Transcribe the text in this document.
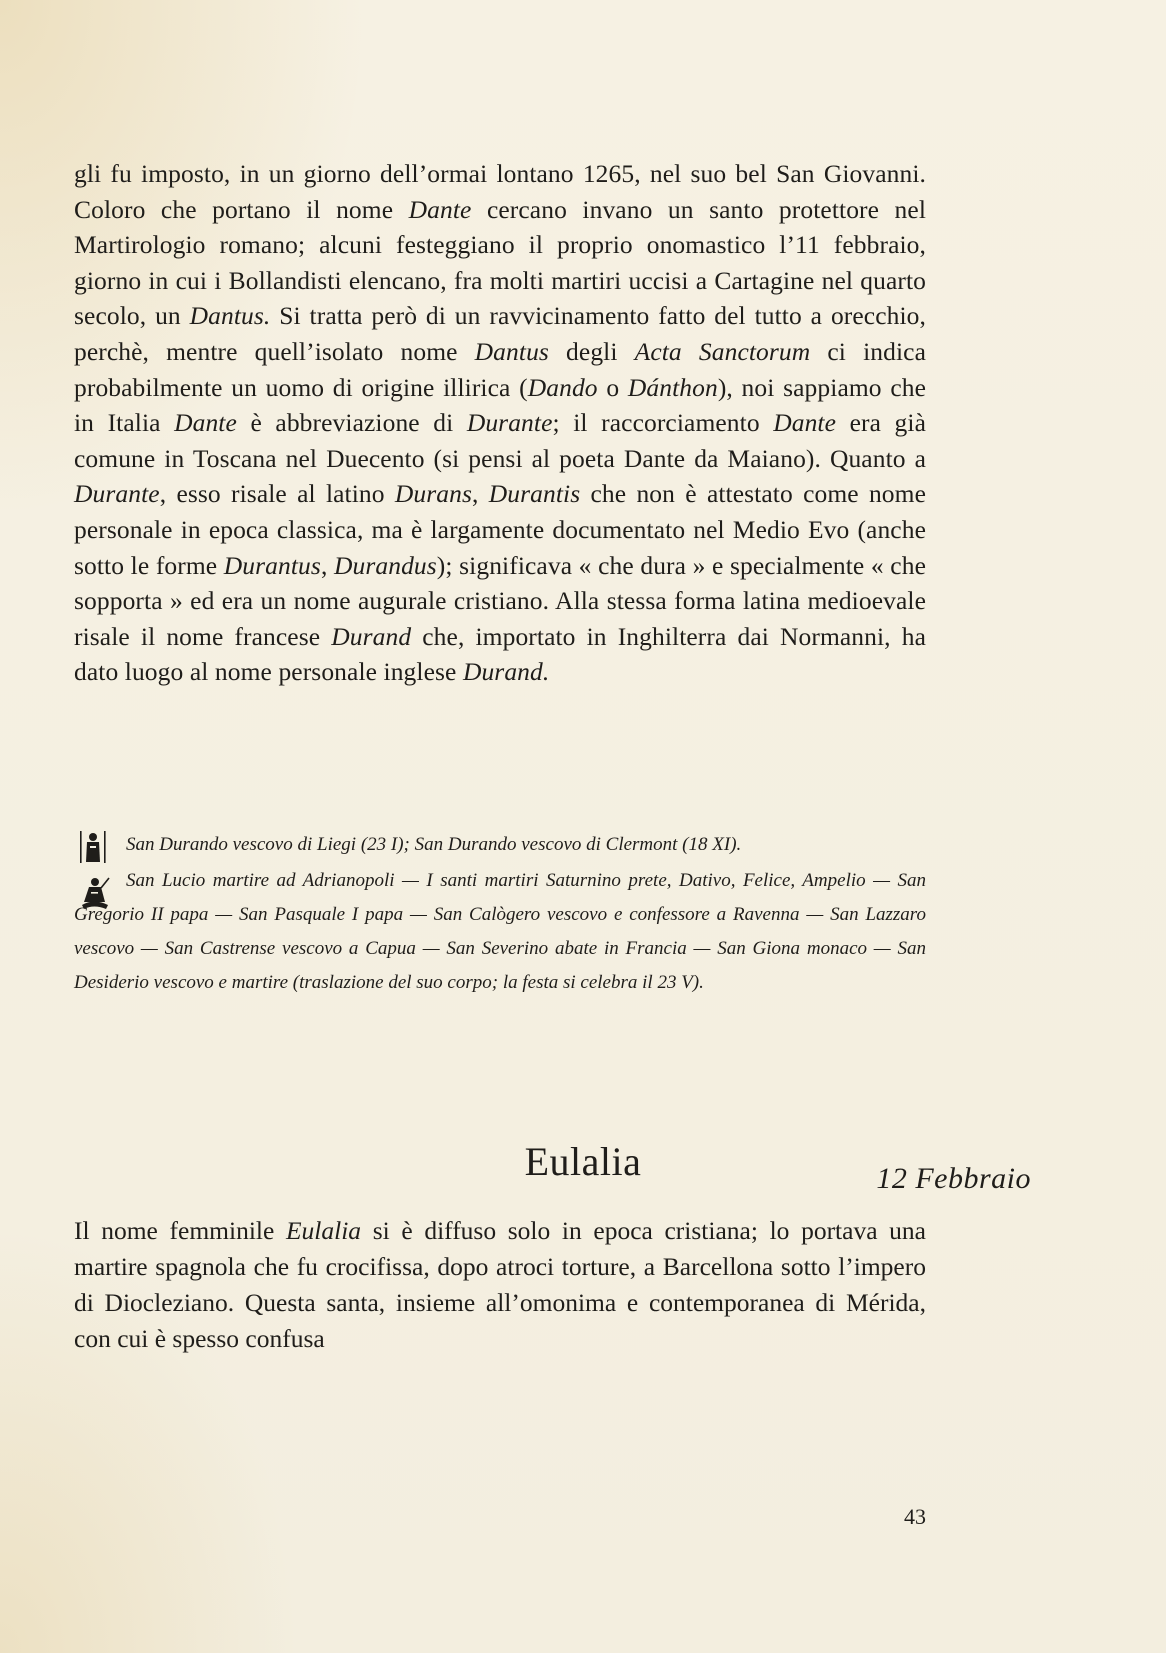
gli fu imposto, in un giorno dell’ormai lontano 1265, nel suo bel San Giovanni. Coloro che portano il nome Dante cercano invano un santo protettore nel Martirologio romano; alcuni festeggiano il proprio onomastico l’11 febbraio, giorno in cui i Bollandisti elencano, fra molti martiri uccisi a Cartagine nel quarto secolo, un Dantus. Si tratta però di un ravvicinamento fatto del tutto a orecchio, perchè, mentre quell’isolato nome Dantus degli Acta Sanctorum ci indica probabilmente un uomo di origine illirica (Dando o Dánthon), noi sappiamo che in Italia Dante è abbreviazione di Durante; il raccorciamento Dante era già comune in Toscana nel Duecento (si pensi al poeta Dante da Maiano). Quanto a Durante, esso risale al latino Durans, Durantis che non è attestato come nome personale in epoca classica, ma è largamente documentato nel Medio Evo (anche sotto le forme Durantus, Durandus); significava « che dura » e specialmente « che sopporta » ed era un nome augurale cristiano. Alla stessa forma latina medioevale risale il nome francese Durand che, importato in Inghilterra dai Normanni, ha dato luogo al nome personale inglese Durand.

San Durando vescovo di Liegi (23 I); San Durando vescovo di Clermont (18 XI).
San Lucio martire ad Adrianopoli — I santi martiri Saturnino prete, Dativo, Felice, Ampelio — San Gregorio II papa — San Pasquale I papa — San Calògero vescovo e confessore a Ravenna — San Lazzaro vescovo — San Castrense vescovo a Capua — San Severino abate in Francia — San Giona monaco — San Desiderio vescovo e martire (traslazione del suo corpo; la festa si celebra il 23 V).
Eulalia	12 Febbraio

Il nome femminile Eulalia si è diffuso solo in epoca cristiana; lo portava una martire spagnola che fu crocifissa, dopo atroci torture, a Barcellona sotto l’impero di Diocleziano. Questa santa, insieme all’omonima e contemporanea di Mérida, con cui è spesso confusa

43
